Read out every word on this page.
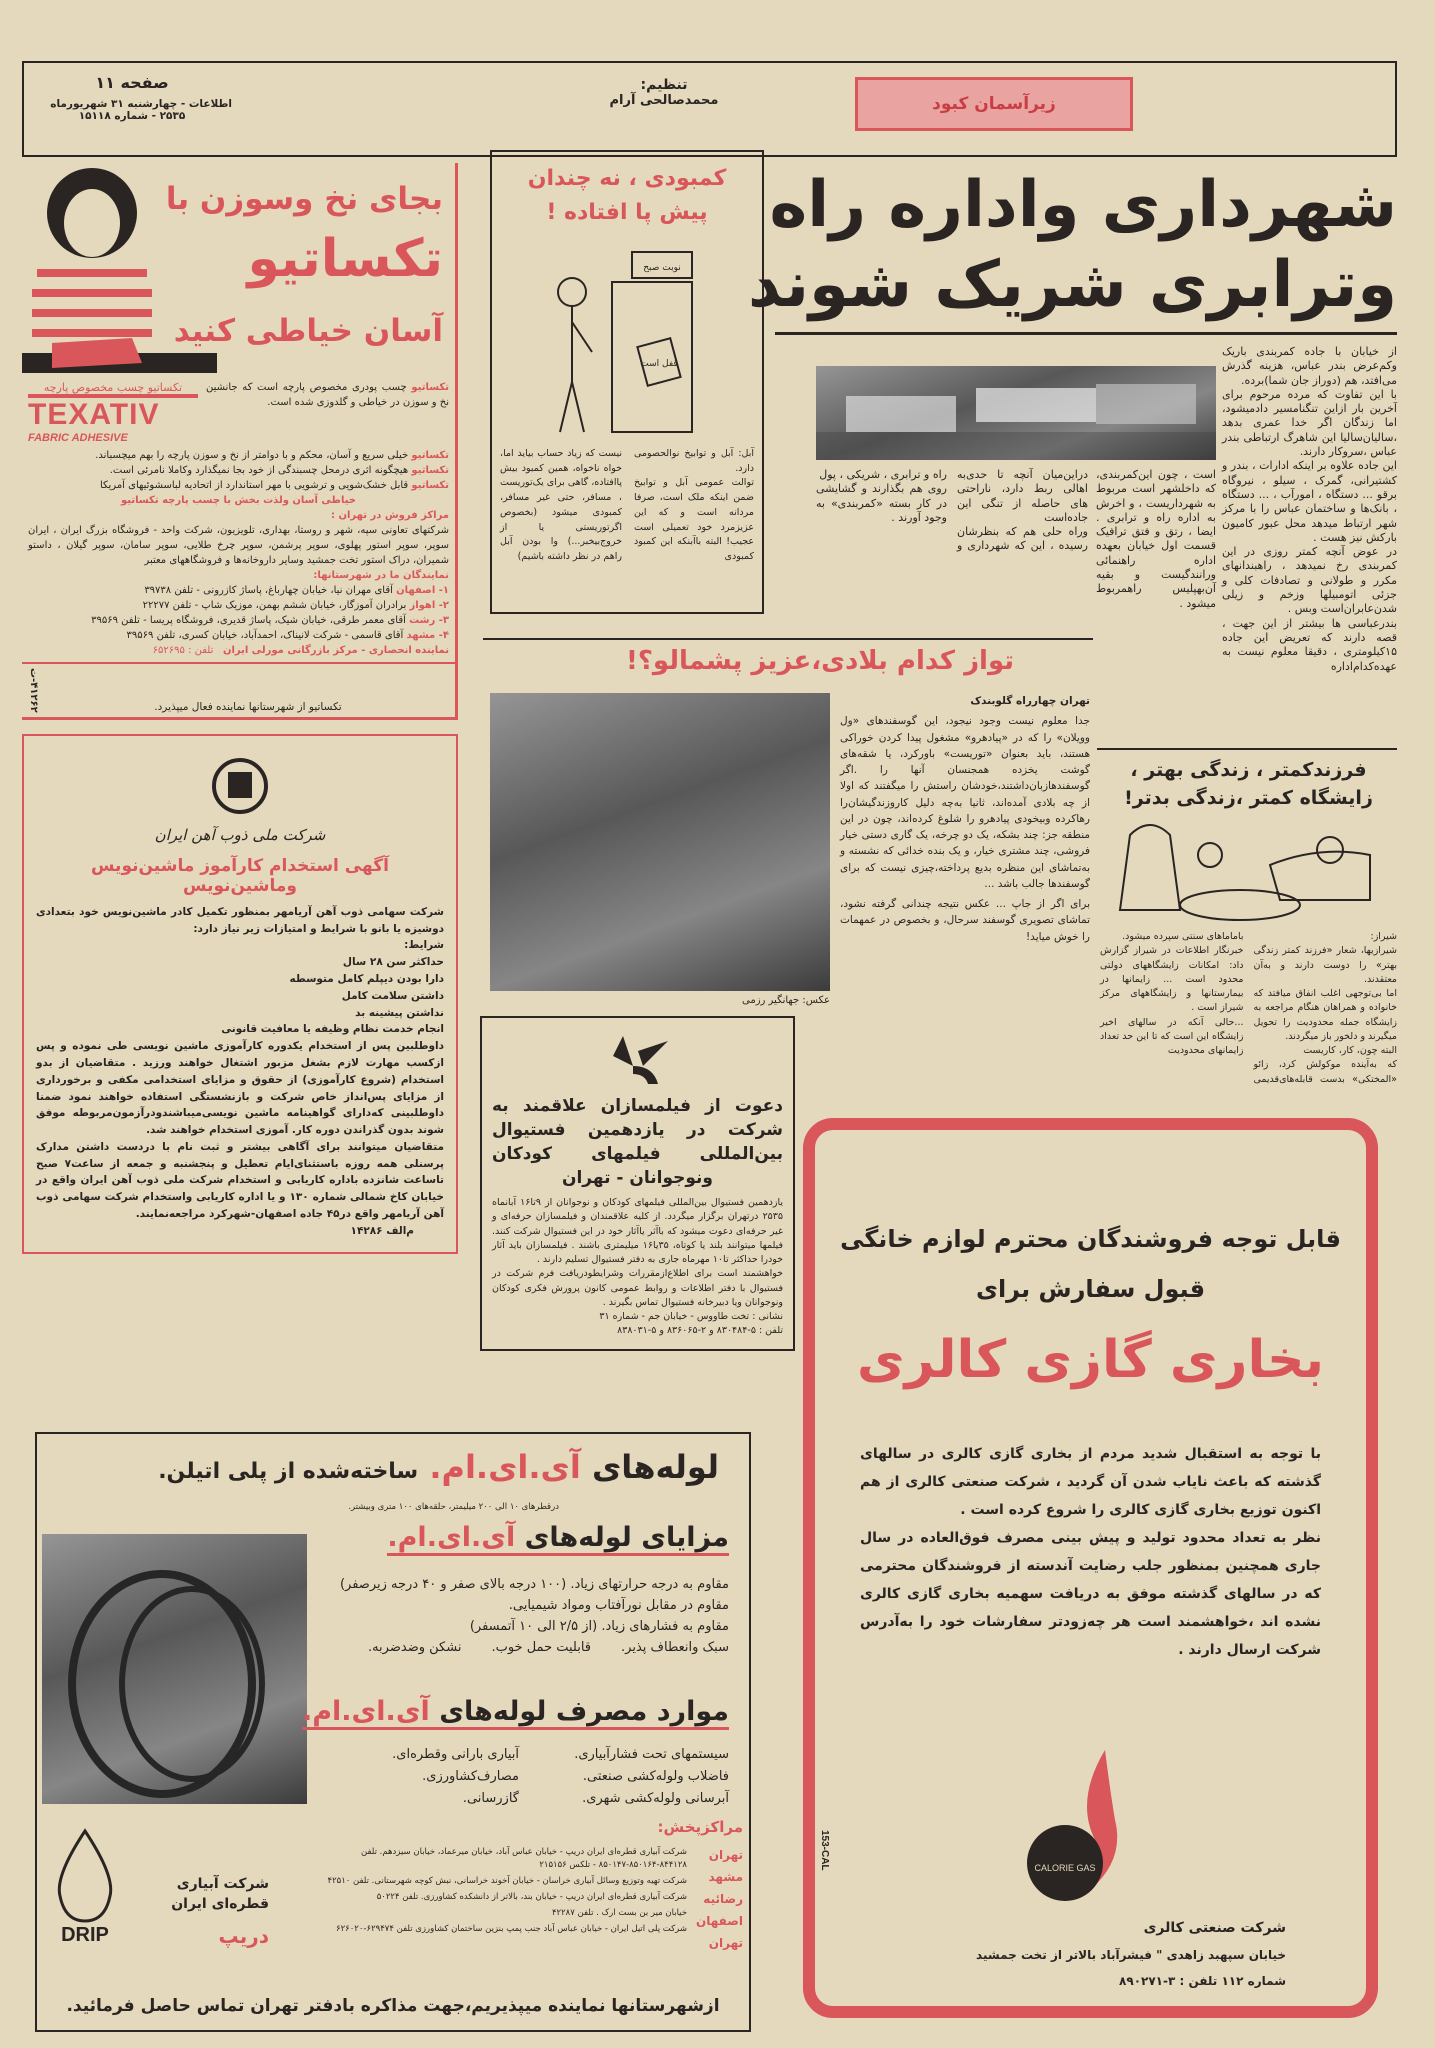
زیرآسمان کبود
تنظیم:
محمدصالحی آرام
صفحه ۱۱
اطلاعات - چهارشنبه ۳۱ شهریورماه
۲۵۳۵ - شماره ۱۵۱۱۸
شهرداری واداره راه
وترابری شریک شوند

از خیابان با جاده کمربندی باریک وکم‌عرض بندر عباس، هزینه گذرش می‌افتد، هم (دوراز جان شما)برده.

با این تفاوت که مرده مرحوم برای آخرین بار ازاین تنگنامسیر دادمیشود، اما زندگان اگر خدا عمری بدهد ،سالیان‌سالیا این شاهرگ ارتباطی بندر عباس ،سروکار دارند.

این جاده علاوه بر اینکه ادارات ، بندر و کشتیرانی، گمرک ، سیلو ، نیروگاه برقو ... دستگاه ، امورآب ، ... دستگاه ، بانک‌ها و ساختمان عباس را با مرکز شهر ارتباط میدهد محل عبور کامیون بارکش نیز هست .

در عوض آنچه کمتر روزی در این کمربندی رخ نمیدهد ، راهبندانهای مکرر و طولانی و تصادفات کلی و جزئی اتومبیلها وزخم و زیلی شدن‌عابران‌است وبس .

بندرعباسی ها بیشتر از این جهت ، قصه دارند که تعریض این جاده ۱۵کیلومتری ، دقیقا معلوم نیست به عهده‌کدام‌اداره

است ، چون این‌کمربندی، که داخلشهر است مربوط به شهرداریست ، و اخرش به اداره راه و ترابری . ایضا ، رتق و فتق ترافیک قسمت اول خیابان بعهده اداره راهنمائی ورانندگیست و بقیه آن‌بهپلیس راهمربوط میشود .

دراین‌میان آنچه تا حدی‌به اهالی ربط دارد، ناراحتی های حاصله از تنگی این جاده‌است

وراه حلی هم که بنظرشان رسیده ، این که شهرداری و راه و ترابری ، شریکی ، پول

روی هم بگذارند و گشایشی در کار بسته «کمربندی» به وجود آورند .

کمبودی ، نه چندان پیش پا افتاده !
نوبت صبح
قفل است

آبل: آبل و توابیخ نوالحصومی دارد.

توالت عمومی آبل و توابیخ ضمن اینکه ملک است، صرفا مردانه است و که این عزیزمرد خود تعمیلی است عجیب! البته باآبنکه این کمبود کمبودی

نیست که زیاد حساب بیاید اما، خواه ناخواه، همین کمبود بیش پاافتاده، گاهی برای یک‌توریست ، مسافر، حتی غیر مسافر، کمبودی میشود (بخصوص اگرتوریستی یا از خروج‌بیخبر...) وا بودن آبل راهم در نظر داشته باشیم)

تواز کدام بلادی،عزیز پشمالو؟!
عکس: جهانگیر رزمی

تهران چهارراه گلوبندک

جدا معلوم نیست وجود نیجود، این گوسفندهای «ول وویلان» را که در «پیادهرو» مشغول پیدا کردن خوراکی هستند، باید بعنوان «توریست» باورکرد، یا شقه‌های گوشت یخزده همجنسان آنها را .اگر گوسفندهازبان‌داشتند،خودشان راستش را میگفتند که اولا از چه بلادی آمده‌اند، ثانیا به‌چه دلیل کاروزندگیشان‌را رهاکرده وبیخودی پیادهرو را شلوغ کرده‌اند، چون در این منطقه جز: چند بشکه، یک دو چرخه، یک گاری دستی خیار فروشی، چند مشتری خیار، و یک بنده خدائی که نشسته و به‌تماشای این منظره بدیع پرداخته،چیزی نیست که برای گوسفندها جالب باشد ...

برای اگر از جاپ ... عکس نتیجه چندانی گرفته نشود، تماشای تصویری گوسفند سرحال، و بخصوص در عمهمات را خوش میاید!

فرزندکمتر ، زندگی بهتر ،
زایشگاه کمتر ،زندگی بدتر!

شیراز:

شیرازیها، شعار «فرزند کمتر زندگی بهتر» را دوست دارند و به‌آن معتقدند.

اما بی‌توجهی اغلب انفاق میافتد که خانواده و همراهان هنگام مراجعه به زایشگاه جمله محدودیت را تحویل میگیرند و دلخور باز میگردند.

البته چون، کار، کاریست

که به‌آینده موکولش کرد، زائو «المختکی» بدست قابله‌های‌قدیمی باماماهای سنتی سپرده میشود.

خبرنگار اطلاعات در شیراز گزارش داد: امکانات زایشگاههای دولتی محدود است ... زایمانها در بیمارستانها و زایشگاههای مرکز شیراز است .

...حالی آنکه در سالهای اخیر زایشگاه این است که تا این حد تعداد زایمانهای محدودیت

بجای نخ وسوزن با
تکساتیو
آسان خیاطی کنید

تکساتیو چسب پودری مخصوص پارچه است که جانشین نخ و سوزن در خیاطی و گلدوزی شده است.

تکساتیو چسب مخصوص پارچه
TEXATIV
FABRIC ADHESIVE

تکساتیو خیلی سریع و آسان، محکم و با دوامتر از نخ و سوزن پارچه را بهم میچسباند.

تکساتیو هیچگونه اثری درمحل چسبندگی از خود بجا نمیگذارد وکاملا نامرئی است.

تکساتیو قابل خشک‌شویی و ترشویی با مهر استاندارد از اتحادیه لباسشوئیهای آمریکا

خیاطی آسان ولذت بخش با چسب پارچه تکساتیو

مراکز فروش در تهران :

شرکتهای تعاونی سپه، شهر و روستا، بهداری، تلویزیون، شرکت واحد - فروشگاه بزرگ ایران ، ایران سوپر، سوپر استور پهلوی، سوپر پرشمن، سوپر چرخ طلایی، سوپر سامان، سوپر گیلان ، داستو شمیران، دراک استور تخت جمشید وسایر داروخانه‌ها و فروشگاههای معتبر

نمایندگان ما در شهرستانها:

۱- اصفهان آقای مهران نیا، خیابان چهارباغ، پاساژ کازرونی - تلفن ۳۹۷۳۸

۲- اهواز برادران آموزگار، خیابان ششم بهمن، موزیک شاپ - تلفن ۲۲۲۷۷

۳- رشت آقای معمر طرقی، خیابان شیک، پاساژ قدیری، فروشگاه پریسا - تلفن ۳۹۵۶۹

۴- مشهد آقای قاسمی - شرکت لانیناک، احمدآباد، خیابان کسری، تلفن ۳۹۵۶۹

نماینده انحصاری - مرکز بازرگانی مورلی ایران   تلفن : ۶۵۲۶۹۵

تکساتیو از شهرستانها نماینده فعال میپذیرد.
۴۱۲۶۲-ت
شرکت ملی ذوب آهن ایران
آگهی استخدام کارآموز ماشین‌نویس وماشین‌نویس

شرکت سهامی ذوب آهن آریامهر بمنظور تکمیل کادر ماشین‌نویس خود بتعدادی دوشیزه یا بانو با شرایط و امتیازات زیر نیاز دارد:

شرایط:

حداکثر سن ۲۸ سال

دارا بودن دیپلم کامل متوسطه

داشتن سلامت کامل

نداشتن پیشینه بد

انجام خدمت نظام وظیفه یا معافیت قانونی

داوطلبین پس از استخدام یکدوره کارآموزی ماشین نویسی طی نموده و پس ازکسب مهارت لازم بشغل مزبور اشتغال خواهند ورزید . متقاضیان از بدو استخدام (شروع کارآموزی) از حقوق و مزایای استخدامی مکفی و برخورداری از مزایای پس‌انداز خاص شرکت و بازنشستگی استفاده خواهند نمود ضمنا داوطلبینی که‌دارای گواهینامه ماشین نویسی‌میباشندودرآزمون‌مربوطه موفق شوند بدون گذراندن دوره کار. آموزی استخدام خواهند شد.

متقاضیان میتوانند برای آگاهی بیشتر و ثبت نام با دردست داشتن مدارک پرسنلی همه روزه باستثنای‌ایام تعطیل و پنجشنبه و جمعه از ساعت۷ صبح تاساعت شانزده باداره کاریابی و استخدام شرکت ملی ذوب آهن ایران واقع در خیابان کاخ شمالی شماره ۱۳۰ و یا اداره کاریابی واستخدام شرکت سهامی ذوب آهن آریامهر واقع در۴۵ جاده اصفهان-شهرکرد مراجعه‌نمایند.

م‌الف ۱۴۲۸۶

دعوت از فیلمسازان علاقمند به شرکت در یازدهمین فستیوال بین‌المللی فیلمهای کودکان ونوجوانان - تهران

یازدهمین فستیوال بین‌المللی فیلمهای کودکان و نوجوانان از ۹تا۱۶ آبانماه ۲۵۳۵ درتهران برگزار میگردد. از کلیه علاقمندان و فیلمسازان حرفه‌ای و غیر حرفه‌ای دعوت میشود که باآثر یاآثار خود در این فستیوال شرکت کنند. فیلمها میتوانند بلند یا کوتاه، ۳۵یا۱۶ میلیمتری باشند . فیلمسازان باید آثار خودرا حداکثر تا۱۰ مهرماه جاری به دفتر فستیوال تسلیم دارند .

خواهشمند است برای اطلاع‌ازمقررات وشرایطودریافت فرم شرکت در فستیوال با دفتر اطلاعات و روابط عمومی کانون پرورش فکری کودکان ونوجوانان ویا دبیرخانه فستیوال تماس بگیرند .

نشانی : تخت طاووس - خیابان جم - شماره ۳۱

تلفن : ۵-۸۳۰۴۸۴ و ۲-۸۳۶۰۶۵ و ۵-۸۳۸۰۳۱

قابل توجه فروشندگان محترم لوازم خانگی
قبول سفارش برای
بخاری گازی کالری

با توجه به استقبال شدید مردم از بخاری گازی کالری در سالهای گذشته که باعث نایاب شدن آن گردید ، شرکت صنعتی کالری از هم اکنون توزیع بخاری گازی کالری را شروع کرده است .

نظر به تعداد محدود تولید و پیش بینی مصرف فوق‌العاده در سال جاری همچنین بمنظور جلب رضایت آندسته از فروشندگان محترمی که در سالهای گذشته موفق به دریافت سهمیه بخاری گازی کالری نشده اند ،خواهشمند است هر چه‌زودتر سفارشات خود را به‌آدرس شرکت ارسال دارند .

CALORIE GAS
شرکت صنعتی کالری
خیابان سپهبد زاهدی " فیشرآباد بالاتر از تخت جمشید
شماره ۱۱۲ تلفن : ۳-۸۹۰۲۷۱
153-CAL
لوله‌های آی.ای.ام. ساخته‌شده از پلی اتیلن.
درقطرهای ۱۰ الی ۲۰۰ میلیمتر، حلقه‌های ۱۰۰ متری وبیشتر.
مزایای لوله‌های آی.ای.ام.
مقاوم به درجه حرارتهای زیاد. (۱۰۰ درجه بالای صفر و ۴۰ درجه زیرصفر)
مقاوم در مقابل نورآفتاب ومواد شیمیایی.
مقاوم به فشارهای زیاد. (از ۲/۵ الی ۱۰ آتمسفر)
سبک وانعطاف پذیر.
قابلیت حمل خوب.
نشکن وضدضربه.
موارد مصرف لوله‌های آی.ای.ام.
سیستمهای تحت فشارآبیاری.
آبیاری بارانی وقطره‌ای.
فاضلاب ولوله‌کشی صنعتی.
مصارف‌کشاورزی.
آبرسانی ولوله‌کشی شهری.
گازرسانی.
مراکزپخش:
تهران
مشهد
رضائیه
اصفهان
تهران
شرکت آبیاری قطره‌ای ایران دریپ - خیابان عباس آباد، خیابان میرعماد، خیابان سیزدهم. تلفن ۸۴۴۱۲۸-۸۵۰۱۶۴-۸۵۰۱۴۷ - تلکس ۲۱۵۱۵۶
شرکت تهیه وتوزیع وسائل آبیاری خراسان - خیابان آخوند خراسانی، نبش کوچه شهرستانی. تلفن ۴۲۵۱۰
شرکت آبیاری قطره‌ای ایران دریپ - خیابان بند، بالاتر از دانشکده کشاورزی. تلفن ۵۰۲۲۴
خیابان میر بن بست ارک . تلفن ۴۲۲۸۷
شرکت پلی اتیل ایران - خیابان عباس آباد جنب پمپ بنزین ساختمان کشاورزی تلفن ۶۲۹۴۷۴-۶۲۶۰۲۰
DRIP
شرکت آبیاری قطره‌ای ایران
دریپ
ازشهرستانها نماینده میپذیریم،جهت مذاکره بادفتر تهران تماس حاصل فرمائید.
